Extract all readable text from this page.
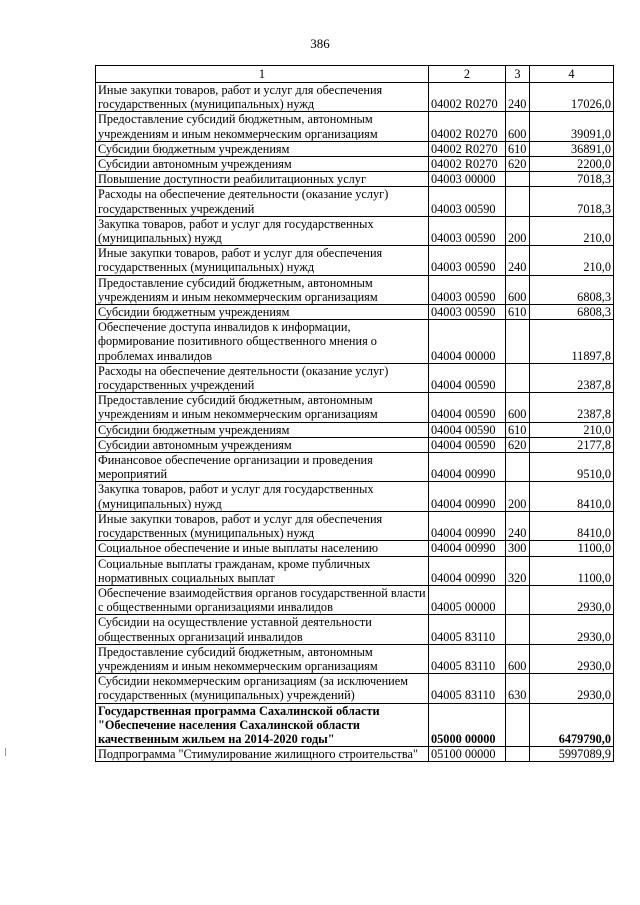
386
1	2	3	4
Иные закупки товаров, работ и услуг для обеспечения государственных (муниципальных) нужд	04002 R0270	240	17026,0
Предоставление субсидий бюджетным, автономным учреждениям и иным некоммерческим организациям	04002 R0270	600	39091,0
Субсидии бюджетным учреждениям	04002 R0270	610	36891,0
Субсидии автономным учреждениям	04002 R0270	620	2200,0
Повышение доступности реабилитационных услуг	04003 00000		7018,3
Расходы на обеспечение деятельности (оказание услуг) государственных учреждений	04003 00590		7018,3
Закупка товаров, работ и услуг для государственных (муниципальных) нужд	04003 00590	200	210,0
Иные закупки товаров, работ и услуг для обеспечения государственных (муниципальных) нужд	04003 00590	240	210,0
Предоставление субсидий бюджетным, автономным учреждениям и иным некоммерческим организациям	04003 00590	600	6808,3
Субсидии бюджетным учреждениям	04003 00590	610	6808,3
Обеспечение доступа инвалидов к информации, формирование позитивного общественного мнения о проблемах инвалидов	04004 00000		11897,8
Расходы на обеспечение деятельности (оказание услуг) государственных учреждений	04004 00590		2387,8
Предоставление субсидий бюджетным, автономным учреждениям и иным некоммерческим организациям	04004 00590	600	2387,8
Субсидии бюджетным учреждениям	04004 00590	610	210,0
Субсидии автономным учреждениям	04004 00590	620	2177,8
Финансовое обеспечение организации и проведения мероприятий	04004 00990		9510,0
Закупка товаров, работ и услуг для государственных (муниципальных) нужд	04004 00990	200	8410,0
Иные закупки товаров, работ и услуг для обеспечения государственных (муниципальных) нужд	04004 00990	240	8410,0
Социальное обеспечение и иные выплаты населению	04004 00990	300	1100,0
Социальные выплаты гражданам, кроме публичных нормативных социальных выплат	04004 00990	320	1100,0
Обеспечение взаимодействия органов государственной власти с общественными организациями инвалидов	04005 00000		2930,0
Субсидии на осуществление уставной деятельности общественных организаций инвалидов	04005 83110		2930,0
Предоставление субсидий бюджетным, автономным учреждениям и иным некоммерческим организациям	04005 83110	600	2930,0
Субсидии некоммерческим организациям (за исключением государственных (муниципальных) учреждений)	04005 83110	630	2930,0
Государственная программа Сахалинской области "Обеспечение населения Сахалинской области качественным жильем на 2014-2020 годы"	05000 00000		6479790,0
Подпрограмма "Стимулирование жилищного строительства"	05100 00000		5997089,9
